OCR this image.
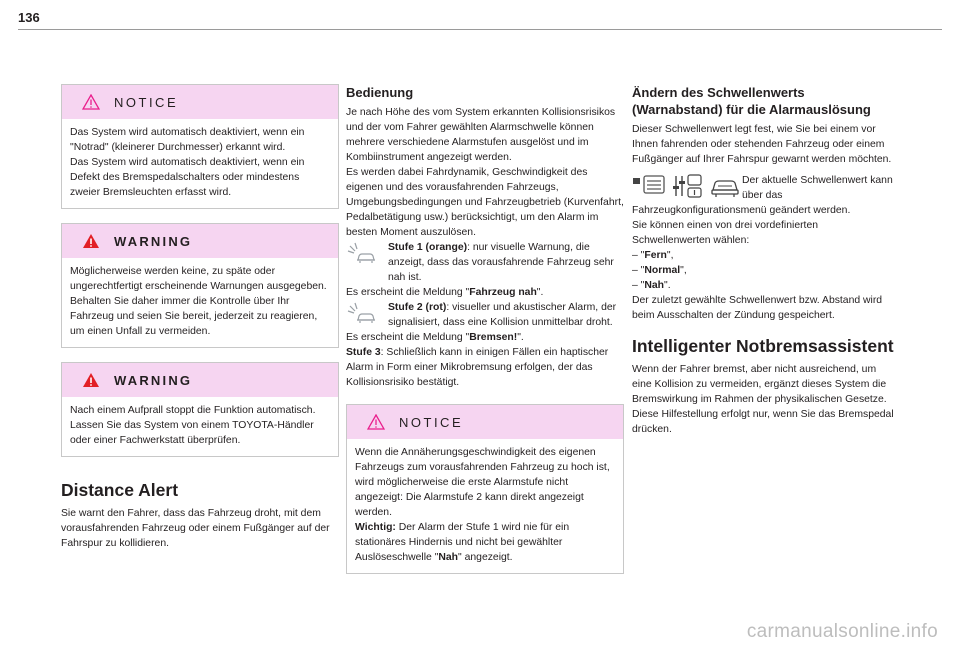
136
NOTICE
Das System wird automatisch deaktiviert, wenn ein "Notrad" (kleinerer Durchmesser) erkannt wird.
Das System wird automatisch deaktiviert, wenn ein Defekt des Bremspedalschalters oder mindestens zweier Bremsleuchten erfasst wird.
WARNING
Möglicherweise werden keine, zu späte oder ungerechtfertigt erscheinende Warnungen ausgegeben.
Behalten Sie daher immer die Kontrolle über Ihr Fahrzeug und seien Sie bereit, jederzeit zu reagieren, um einen Unfall zu vermeiden.
WARNING
Nach einem Aufprall stoppt die Funktion automatisch. Lassen Sie das System von einem TOYOTA-Händler oder einer Fachwerkstatt überprüfen.
Distance Alert

Sie warnt den Fahrer, dass das Fahrzeug droht, mit dem vorausfahrenden Fahrzeug oder einem Fußgänger auf der Fahrspur zu kollidieren.

Bedienung

Je nach Höhe des vom System erkannten Kollisionsrisikos und der vom Fahrer gewählten Alarmschwelle können mehrere verschiedene Alarmstufen ausgelöst und im Kombiinstrument angezeigt werden.

Es werden dabei Fahrdynamik, Geschwindigkeit des eigenen und des vorausfahrenden Fahrzeugs, Umgebungsbedingungen und Fahrzeugbetrieb (Kurvenfahrt, Pedalbetätigung usw.) berücksichtigt, um den Alarm im besten Moment auszulösen.

Stufe 1 (orange): nur visuelle Warnung, die anzeigt, dass das vorausfahrende Fahrzeug sehr nah ist.

Es erscheint die Meldung "Fahrzeug nah".

Stufe 2 (rot): visueller und akustischer Alarm, der signalisiert, dass eine Kollision unmittelbar droht.

Es erscheint die Meldung "Bremsen!".

Stufe 3: Schließlich kann in einigen Fällen ein haptischer Alarm in Form einer Mikrobremsung erfolgen, der das Kollisionsrisiko bestätigt.

NOTICE
Wenn die Annäherungsgeschwindigkeit des eigenen Fahrzeugs zum vorausfahrenden Fahrzeug zu hoch ist, wird möglicherweise die erste Alarmstufe nicht angezeigt: Die Alarmstufe 2 kann direkt angezeigt werden.
Wichtig: Der Alarm der Stufe 1 wird nie für ein stationäres Hindernis und nicht bei gewählter Auslöseschwelle "Nah" angezeigt.
Ändern des Schwellenwerts (Warnabstand) für die Alarmauslösung

Dieser Schwellenwert legt fest, wie Sie bei einem vor Ihnen fahrenden oder stehenden Fahrzeug oder einem Fußgänger auf Ihrer Fahrspur gewarnt werden möchten.

Der aktuelle Schwellenwert kann über das

Fahrzeugkonfigurationsmenü geändert werden.

Sie können einen von drei vordefinierten Schwellenwerten wählen:

– "Fern",
– "Normal",
– "Nah".

Der zuletzt gewählte Schwellenwert bzw. Abstand wird beim Ausschalten der Zündung gespeichert.

Intelligenter Notbremsassistent

Wenn der Fahrer bremst, aber nicht ausreichend, um eine Kollision zu vermeiden, ergänzt dieses System die Bremswirkung im Rahmen der physikalischen Gesetze.

Diese Hilfestellung erfolgt nur, wenn Sie das Bremspedal drücken.

carmanualsonline.info
